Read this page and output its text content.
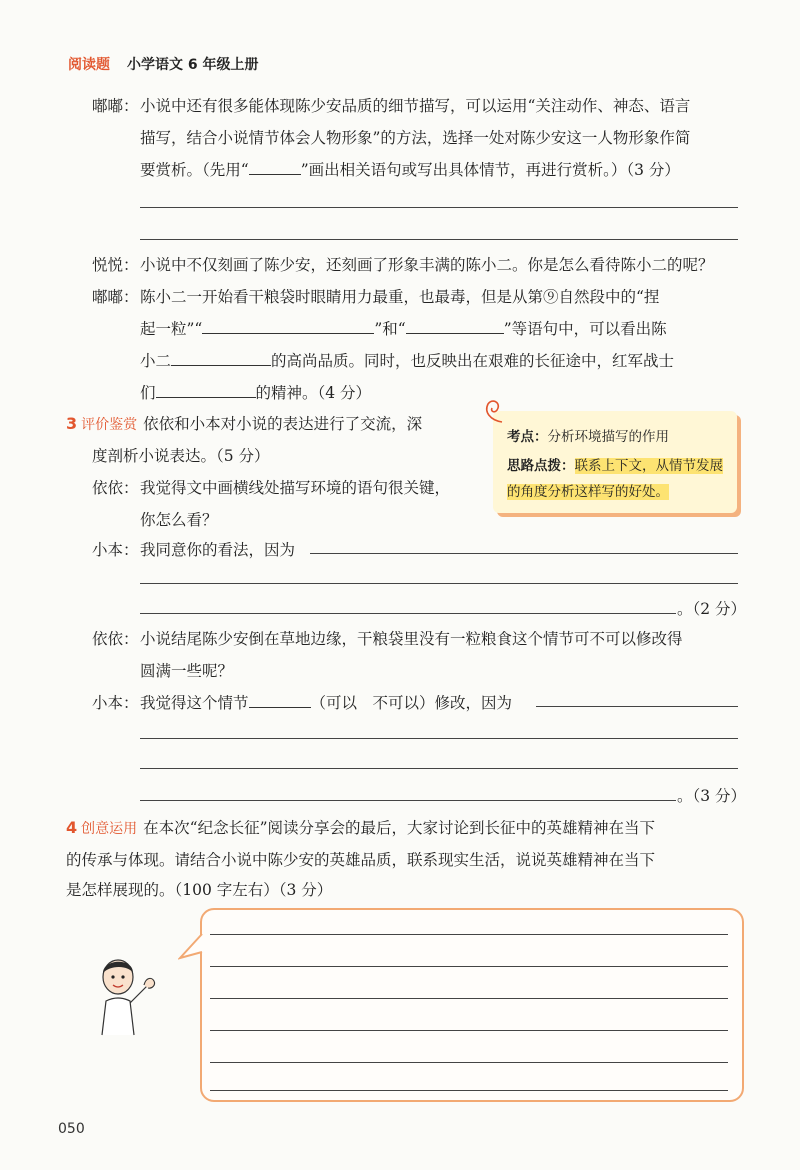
阅读题 小学语文 6 年级上册
嘟嘟： 小说中还有很多能体现陈少安品质的细节描写，可以运用“关注动作、神态、语言
描写，结合小说情节体会人物形象”的方法，选择一处对陈少安这一人物形象作简
要赏析。（先用“	”画出相关语句或写出具体情节，再进行赏析。）（3 分）
悦悦： 小说中不仅刻画了陈少安，还刻画了形象丰满的陈小二。你是怎么看待陈小二的呢？
嘟嘟： 陈小二一开始看干粮袋时眼睛用力最重，也最毒，但是从第⑨自然段中的“捏
起一粒”“	”和“	”等语句中，可以看出陈
小二	的高尚品质。同时，也反映出在艰难的长征途中，红军战士
们	的精神。（4 分）
3 评价鉴赏 依依和小本对小说的表达进行了交流，深
度剖析小说表达。（5 分）
依依： 我觉得文中画横线处描写环境的语句很关键，
你怎么看？
考点：分析环境描写的作用
思路点拨：联系上下文，从情节发展的角度分析这样写的好处。
小本： 我同意你的看法，因为
。（2 分）
依依： 小说结尾陈少安倒在草地边缘，干粮袋里没有一粒粮食这个情节可不可以修改得
圆满一些呢？
小本： 我觉得这个情节	（可以　不可以）修改，因为
。（3 分）
4 创意运用 在本次“纪念长征”阅读分享会的最后，大家讨论到长征中的英雄精神在当下
的传承与体现。请结合小说中陈少安的英雄品质，联系现实生活，说说英雄精神在当下
是怎样展现的。（100 字左右）（3 分）
050
